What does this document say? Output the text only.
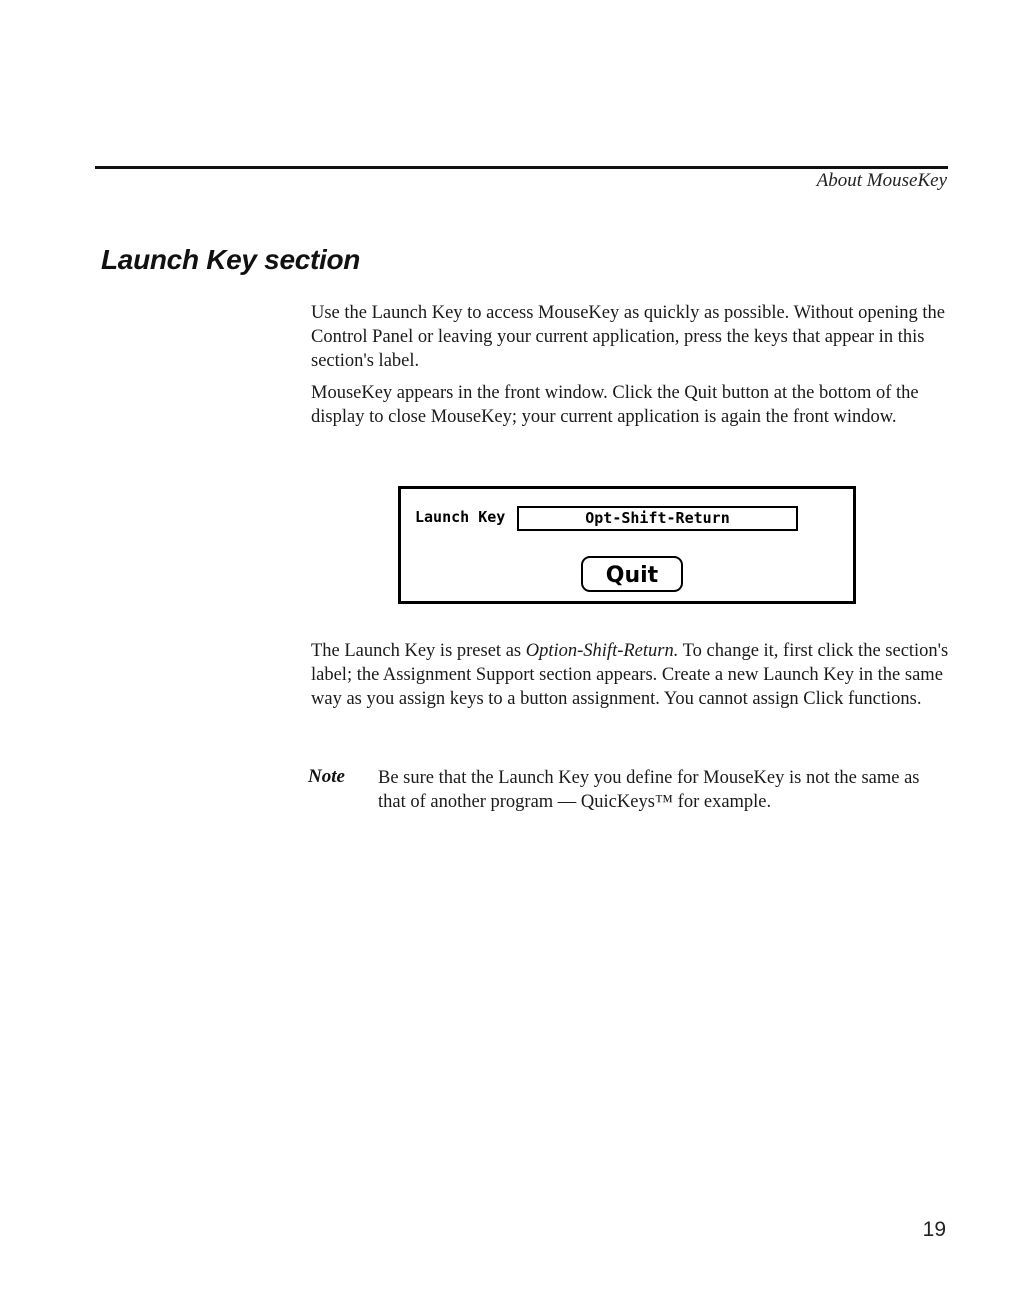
About MouseKey
Launch Key section

Use the Launch Key to access MouseKey as quickly as possible. Without opening the Control Panel or leaving your current application, press the keys that appear in this section's label.

MouseKey appears in the front window. Click the Quit button at the bottom of the display to close MouseKey; your current application is again the front window.

Launch Key	Opt-Shift-Return
Quit

The Launch Key is preset as Option-Shift-Return. To change it, first click the section's label; the Assignment Support section appears. Create a new Launch Key in the same way as you assign keys to a button assignment. You cannot assign Click functions.

Note Be sure that the Launch Key you define for MouseKey is not the same as that of another program — QuicKeys™ for example.

19
